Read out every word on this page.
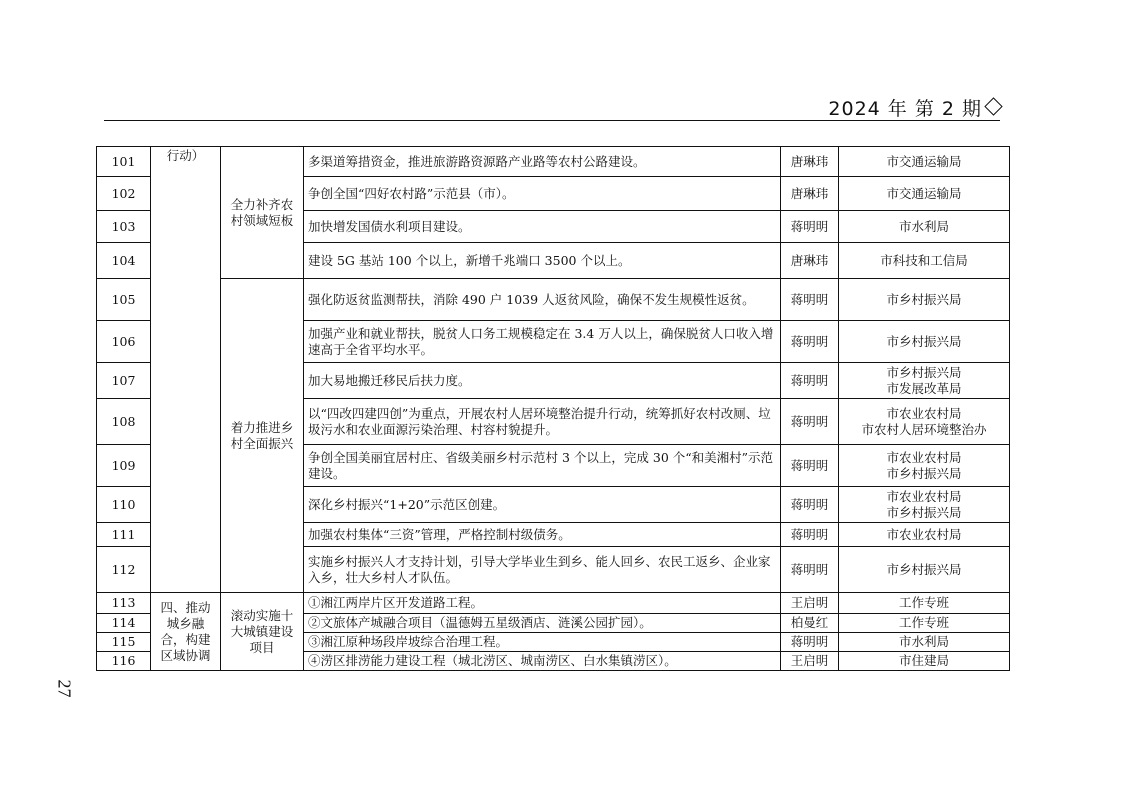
2024 年 第 2 期
27
101	行动）	全力补齐农村领域短板	多渠道筹措资金，推进旅游路资源路产业路等农村公路建设。	唐琳玮	市交通运输局

102			争创全国“四好农村路”示范县（市）。	唐琳玮	市交通运输局

103			加快增发国债水利项目建设。	蒋明明	市水利局

104			建设 5G 基站 100 个以上，新增千兆端口 3500 个以上。	唐琳玮	市科技和工信局

105		着力推进乡村全面振兴	强化防返贫监测帮扶，消除 490 户 1039 人返贫风险，确保不发生规模性返贫。	蒋明明	市乡村振兴局

106			加强产业和就业帮扶，脱贫人口务工规模稳定在 3.4 万人以上，确保脱贫人口收入增速高于全省平均水平。	蒋明明	市乡村振兴局

107			加大易地搬迁移民后扶力度。	蒋明明	市乡村振兴局
市发展改革局

108			以“四改四建四创”为重点，开展农村人居环境整治提升行动，统筹抓好农村改厕、垃圾污水和农业面源污染治理、村容村貌提升。	蒋明明	市农业农村局
市农村人居环境整治办

109			争创全国美丽宜居村庄、省级美丽乡村示范村 3 个以上，完成 30 个“和美湘村”示范建设。	蒋明明	市农业农村局
市乡村振兴局

110			深化乡村振兴“1+20”示范区创建。	蒋明明	市农业农村局
市乡村振兴局

111			加强农村集体“三资”管理，严格控制村级债务。	蒋明明	市农业农村局

112			实施乡村振兴人才支持计划，引导大学毕业生到乡、能人回乡、农民工返乡、企业家入乡，壮大乡村人才队伍。	蒋明明	市乡村振兴局

113	四、推动城乡融合，构建区域协调	滚动实施十大城镇建设项目	①湘江两岸片区开发道路工程。	王启明	工作专班

114			②文旅体产城融合项目（温德姆五星级酒店、涟溪公园扩园）。	柏曼红	工作专班

115			③湘江原种场段岸坡综合治理工程。	蒋明明	市水利局

116			④涝区排涝能力建设工程（城北涝区、城南涝区、白水集镇涝区）。	王启明	市住建局
